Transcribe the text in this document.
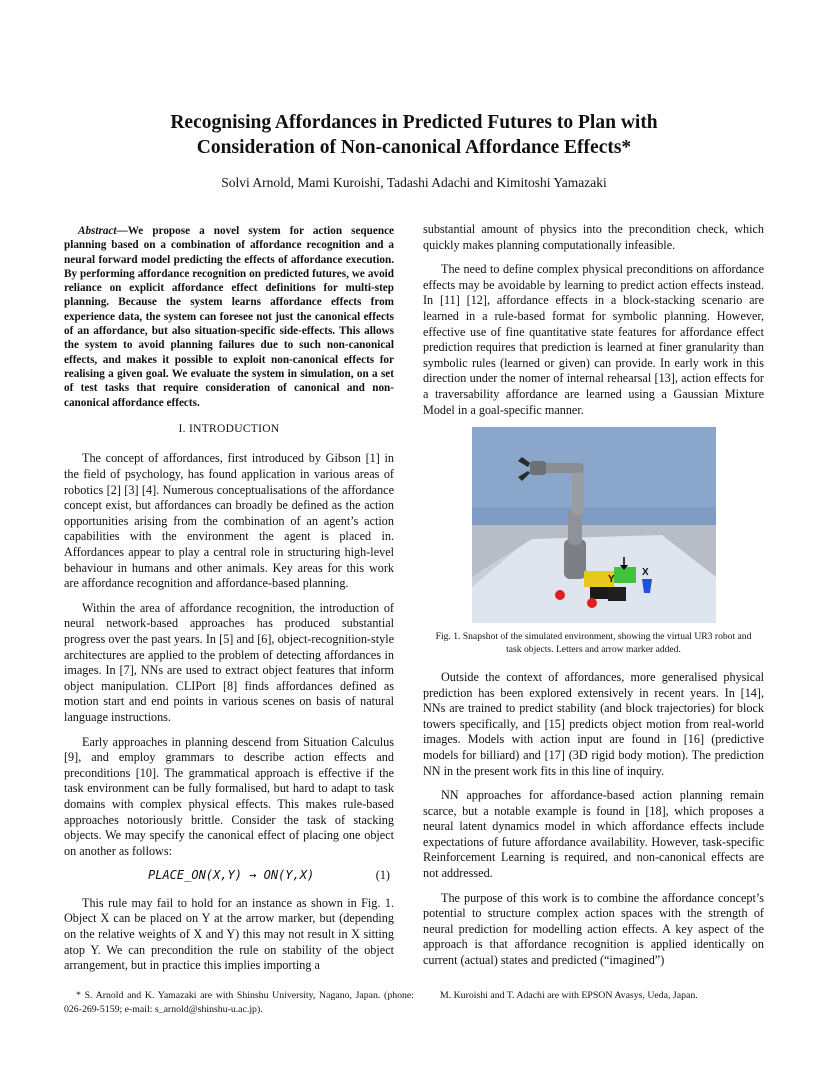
Recognising Affordances in Predicted Futures to Plan with
Consideration of Non-canonical Affordance Effects*
Solvi Arnold, Mami Kuroishi, Tadashi Adachi and Kimitoshi Yamazaki

Abstract—We propose a novel system for action sequence planning based on a combination of affordance recognition and a neural forward model predicting the effects of affordance execution. By performing affordance recognition on predicted futures, we avoid reliance on explicit affordance effect definitions for multi-step planning. Because the system learns affordance effects from experience data, the system can foresee not just the canonical effects of an affordance, but also situation-specific side-effects. This allows the system to avoid planning failures due to such non-canonical effects, and makes it possible to exploit non-canonical effects for realising a given goal. We evaluate the system in simulation, on a set of test tasks that require consideration of canonical and non-canonical affordance effects.

I. INTRODUCTION

The concept of affordances, first introduced by Gibson [1] in the field of psychology, has found application in various areas of robotics [2] [3] [4]. Numerous conceptualisations of the affordance concept exist, but affordances can broadly be defined as the action opportunities arising from the combination of an agent’s action capabilities with the environment the agent is placed in. Affordances appear to play a central role in structuring high-level behaviour in humans and other animals. Key areas for this work are affordance recognition and affordance-based planning.

Within the area of affordance recognition, the introduction of neural network-based approaches has produced substantial progress over the past years. In [5] and [6], object-recognition-style architectures are applied to the problem of detecting affordances in images. In [7], NNs are used to extract object features that inform object manipulation. CLIPort [8] finds affordances defined as motion start and end points in various scenes on basis of natural language instructions.

Early approaches in planning descend from Situation Calculus [9], and employ grammars to describe action effects and preconditions [10]. The grammatical approach is effective if the task environment can be fully formalised, but hard to adapt to task domains with complex physical effects. This makes rule-based approaches notoriously brittle. Consider the task of stacking objects. We may specify the canonical effect of placing one object on another as follows:

PLACE_ON(X,Y) → ON(Y,X)	(1)

This rule may fail to hold for an instance as shown in Fig. 1. Object X can be placed on Y at the arrow marker, but (depending on the relative weights of X and Y) this may not result in X sitting atop Y. We can precondition the rule on stability of the object arrangement, but in practice this implies importing a

substantial amount of physics into the precondition check, which quickly makes planning computationally infeasible.

The need to define complex physical preconditions on affordance effects may be avoidable by learning to predict action effects instead. In [11] [12], affordance effects in a block-stacking scenario are learned in a rule-based format for symbolic planning. However, effective use of fine quantitative state features for affordance effect prediction requires that prediction is learned at finer granularity than symbolic rules (learned or given) can provide. In early work in this direction under the nomer of internal rehearsal [13], action effects for a traversability affordance are learned using a Gaussian Mixture Model in a goal-specific manner.

Y
X
Fig. 1. Snapshot of the simulated environment, showing the virtual UR3 robot and task objects. Letters and arrow marker added.

Outside the context of affordances, more generalised physical prediction has been explored extensively in recent years. In [14], NNs are trained to predict stability (and block trajectories) for block towers specifically, and [15] predicts object motion from real-world images. Models with action input are found in [16] (predictive models for billiard) and [17] (3D rigid body motion). The prediction NN in the present work fits in this line of inquiry.

NN approaches for affordance-based action planning remain scarce, but a notable example is found in [18], which proposes a neural latent dynamics model in which affordance effects include expectations of future affordance availability. However, task-specific Reinforcement Learning is required, and non-canonical effects are not addressed.

The purpose of this work is to combine the affordance concept’s potential to structure complex action spaces with the strength of neural prediction for modelling action effects. A key aspect of the approach is that affordance recognition is applied identically on current (actual) states and predicted (“imagined”)

* S. Arnold and K. Yamazaki are with Shinshu University, Nagano, Japan. (phone: 026-269-5159; e-mail: s_arnold@shinshu-u.ac.jp).
M. Kuroishi and T. Adachi are with EPSON Avasys, Ueda, Japan.
